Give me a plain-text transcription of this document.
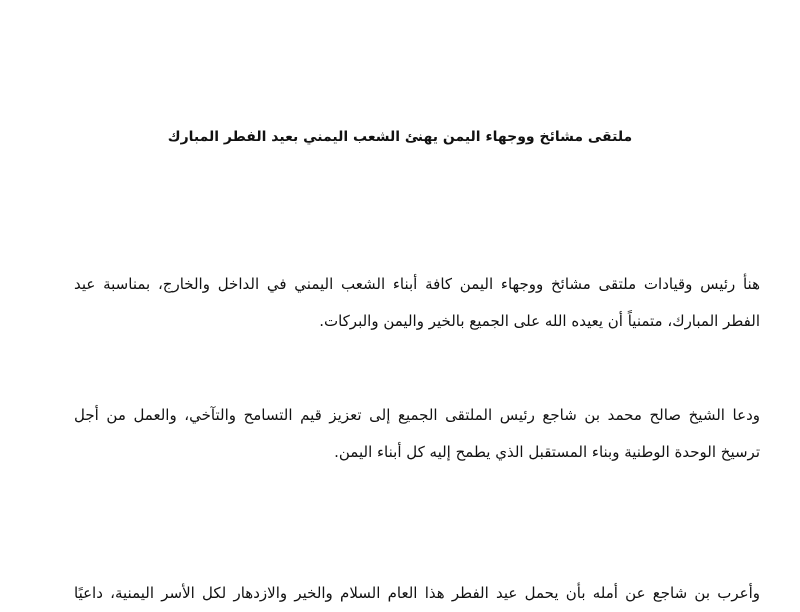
ملتقى مشائخ ووجهاء اليمن يهنئ الشعب اليمني بعيد الفطر المبارك
هنأ رئيس وقيادات ملتقى مشائخ ووجهاء اليمن كافة أبناء الشعب اليمني في الداخل والخارج، بمناسبة عيد
الفطر المبارك، متمنياً أن يعيده الله على الجميع بالخير واليمن والبركات.
ودعا الشيخ صالح محمد بن شاجع رئيس الملتقى الجميع إلى تعزيز قيم التسامح والتآخي، والعمل من أجل
ترسيخ الوحدة الوطنية وبناء المستقبل الذي يطمح إليه كل أبناء اليمن.
وأعرب بن شاجع عن أمله بأن يحمل عيد الفطر هذا العام السلام والخير والازدهار لكل الأسر اليمنية، داعيًا
